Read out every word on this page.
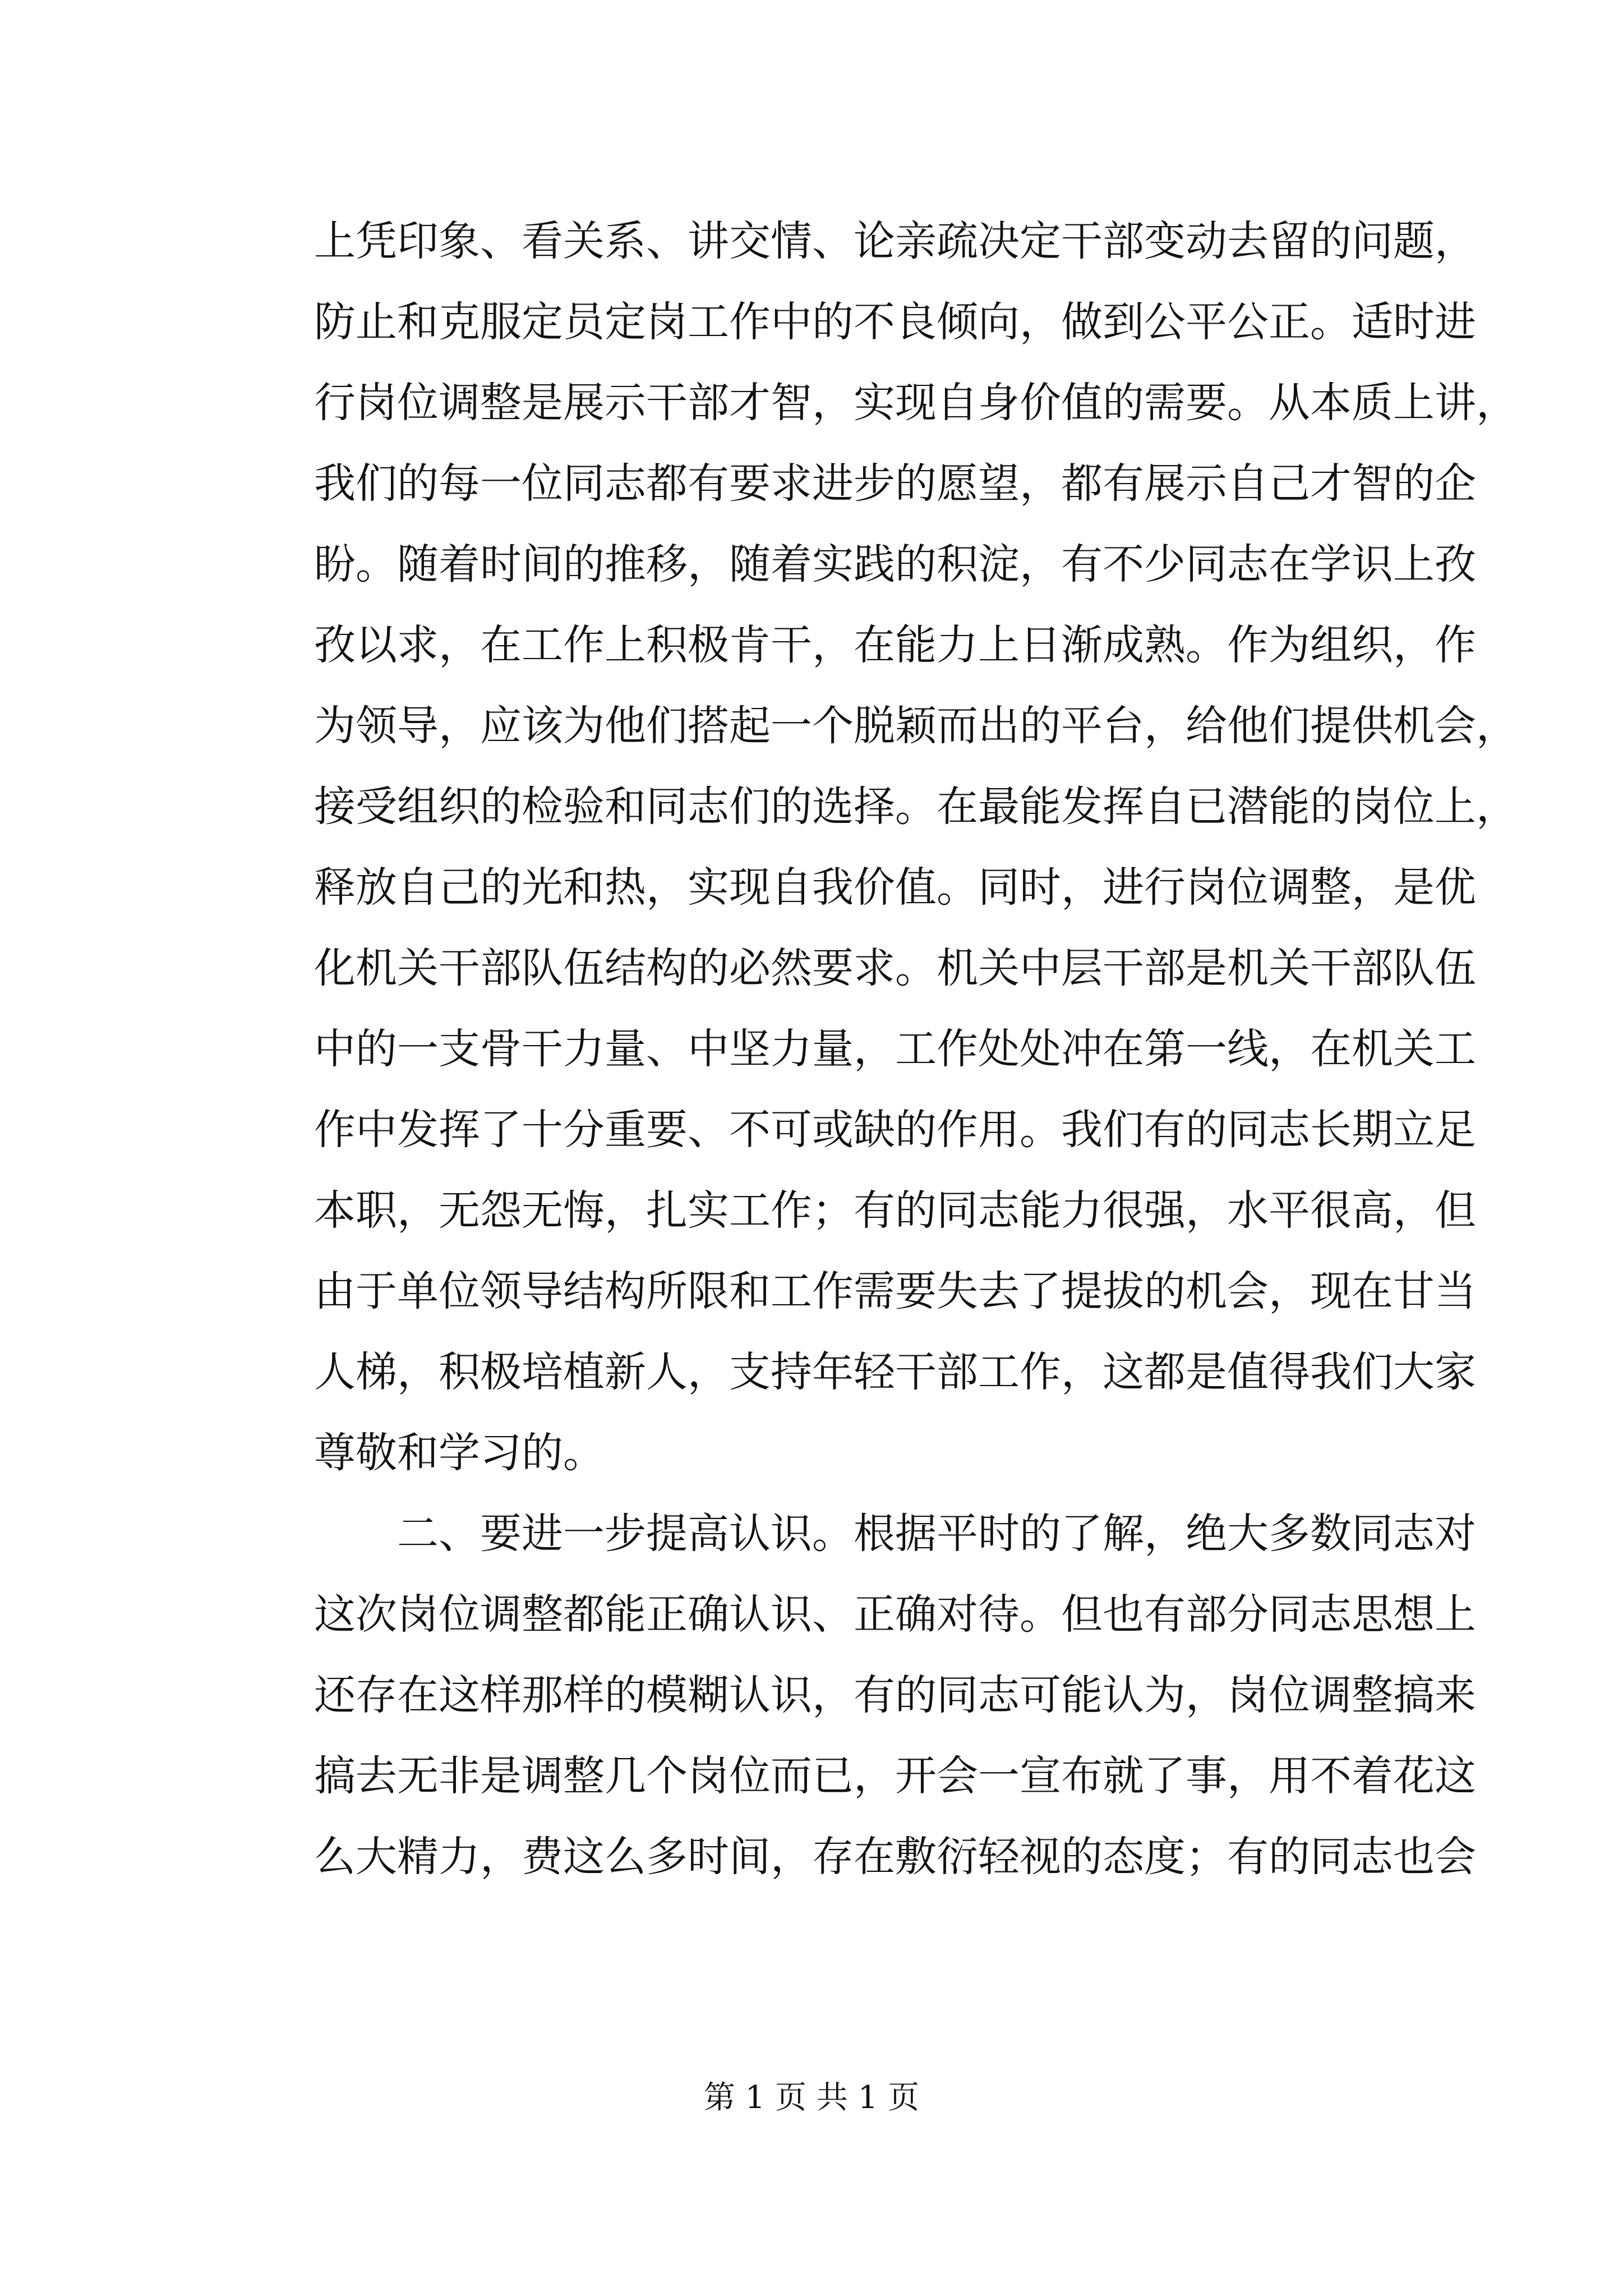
上 凭 印 象 、 看 关 系 、 讲 交 情 、 论 亲 疏 决 定 干 部 变 动 去 留 的 问 题 ，
防 止 和 克 服 定 员 定 岗 工 作 中 的 不 良 倾 向 ， 做 到 公 平 公 正 。 适 时 进
行 岗 位 调 整 是 展 示 干 部 才 智 ， 实 现 自 身 价 值 的 需 要 。 从 本 质 上 讲 ，
我 们 的 每 一 位 同 志 都 有 要 求 进 步 的 愿 望 ， 都 有 展 示 自 己 才 智 的 企
盼 。 随 着 时 间 的 推 移 ， 随 着 实 践 的 积 淀 ， 有 不 少 同 志 在 学 识 上 孜
孜 以 求 ， 在 工 作 上 积 极 肯 干 ， 在 能 力 上 日 渐 成 熟 。 作 为 组 织 ， 作
为 领 导 ， 应 该 为 他 们 搭 起 一 个 脱 颖 而 出 的 平 台 ， 给 他 们 提 供 机 会 ，
接 受 组 织 的 检 验 和 同 志 们 的 选 择 。 在 最 能 发 挥 自 已 潜 能 的 岗 位 上 ，
释 放 自 己 的 光 和 热 ， 实 现 自 我 价 值 。 同 时 ， 进 行 岗 位 调 整 ， 是 优
化 机 关 干 部 队 伍 结 构 的 必 然 要 求 。 机 关 中 层 干 部 是 机 关 干 部 队 伍
中 的 一 支 骨 干 力 量 、 中 坚 力 量 ， 工 作 处 处 冲 在 第 一 线 ， 在 机 关 工
作 中 发 挥 了 十 分 重 要 、 不 可 或 缺 的 作 用 。 我 们 有 的 同 志 长 期 立 足
本 职 ， 无 怨 无 悔 ， 扎 实 工 作 ； 有 的 同 志 能 力 很 强 ， 水 平 很 高 ， 但
由 于 单 位 领 导 结 构 所 限 和 工 作 需 要 失 去 了 提 拔 的 机 会 ， 现 在 甘 当
人 梯 ， 积 极 培 植 新 人 ， 支 持 年 轻 干 部 工 作 ， 这 都 是 值 得 我 们 大 家
尊敬和学习的。
二 、 要 进 一 步 提 高 认 识 。 根 据 平 时 的 了 解 ， 绝 大 多 数 同 志 对
这 次 岗 位 调 整 都 能 正 确 认 识 、 正 确 对 待 。 但 也 有 部 分 同 志 思 想 上
还 存 在 这 样 那 样 的 模 糊 认 识 ， 有 的 同 志 可 能 认 为 ， 岗 位 调 整 搞 来
搞 去 无 非 是 调 整 几 个 岗 位 而 已 ， 开 会 一 宣 布 就 了 事 ， 用 不 着 花 这
么 大 精 力 ， 费 这 么 多 时 间 ， 存 在 敷 衍 轻 视 的 态 度 ； 有 的 同 志 也 会
第 1 页 共 1 页
